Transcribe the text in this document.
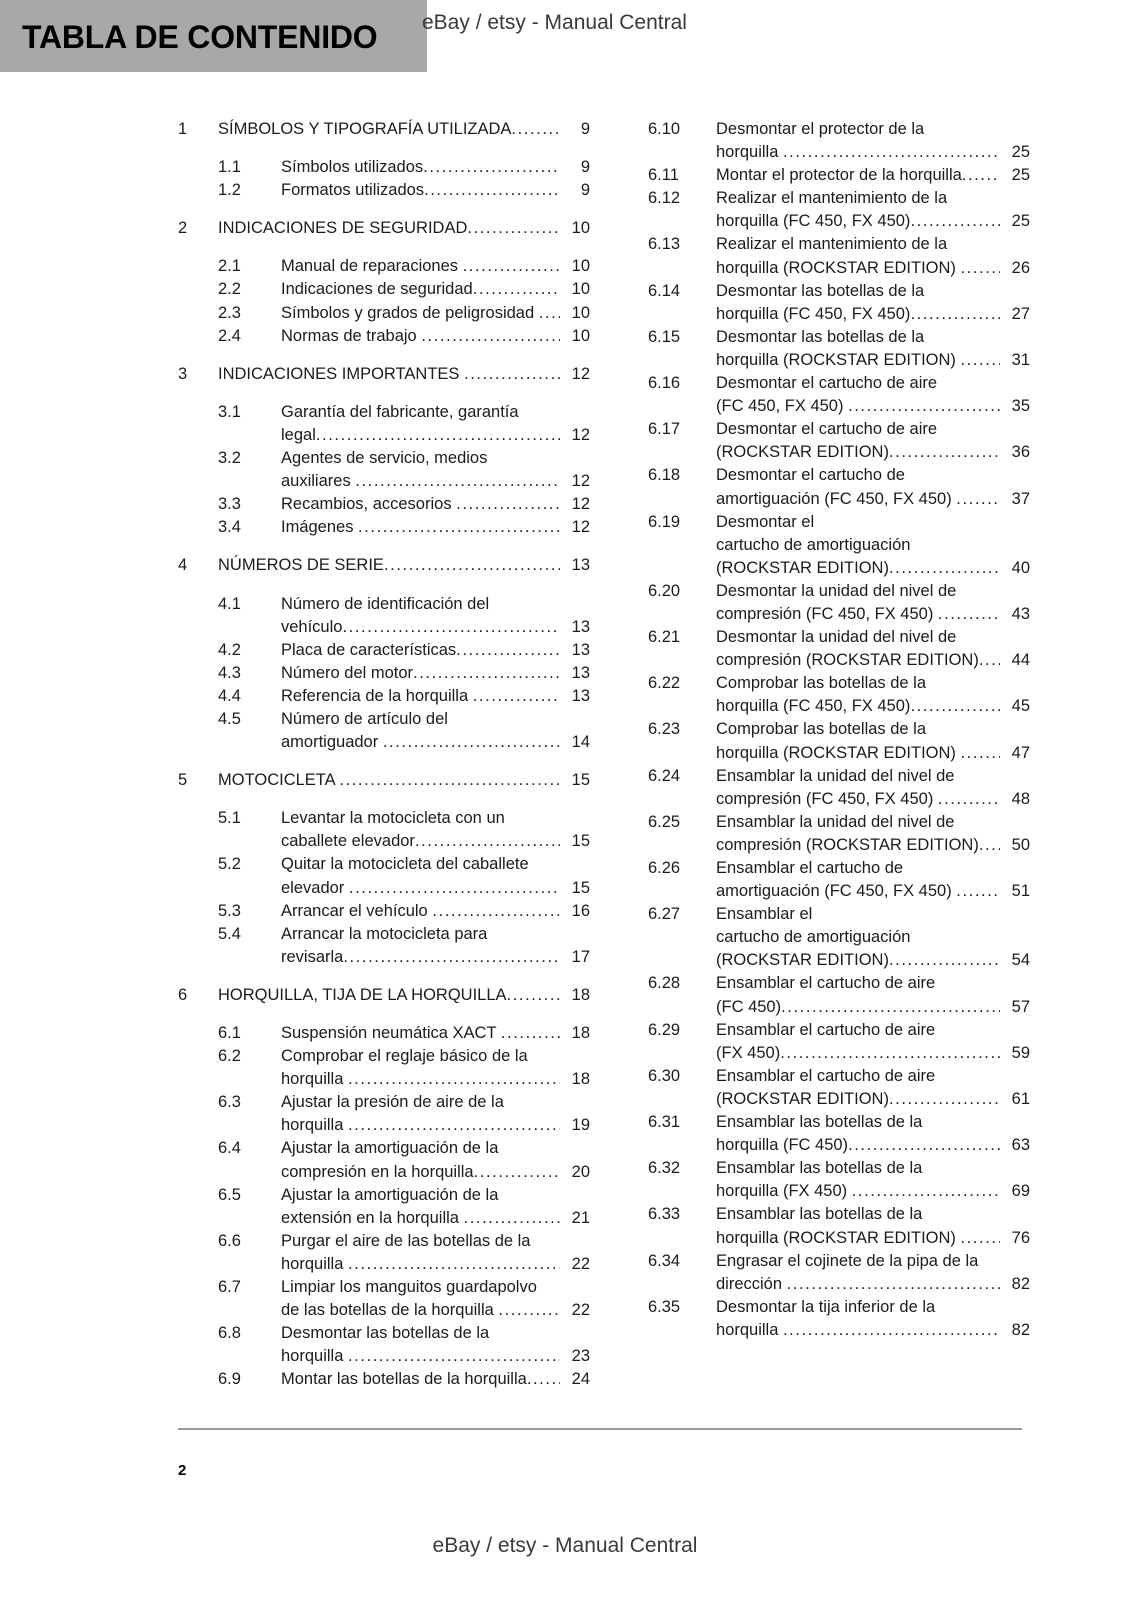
TABLA DE CONTENIDO eBay / etsy - Manual Central
1	SÍMBOLOS Y TIPOGRAFÍA UTILIZADA .....	9
1.1	Símbolos utilizados .....	9
1.2	Formatos utilizados .....	9
2	INDICACIONES DE SEGURIDAD .....	10
2.1	Manual de reparaciones .....	10
2.2	Indicaciones de seguridad .....	10
2.3	Símbolos y grados de peligrosidad .....	10
2.4	Normas de trabajo .....	10
3	INDICACIONES IMPORTANTES .....	12
3.1	Garantía del fabricante, garantía
legal .....	12
3.2	Agentes de servicio, medios
auxiliares .....	12
3.3	Recambios, accesorios .....	12
3.4	Imágenes .....	12
4	NÚMEROS DE SERIE .....	13
4.1	Número de identificación del
vehículo .....	13
4.2	Placa de características .....	13
4.3	Número del motor .....	13
4.4	Referencia de la horquilla .....	13
4.5	Número de artículo del
amortiguador .....	14
5	MOTOCICLETA .....	15
5.1	Levantar la motocicleta con un
caballete elevador .....	15
5.2	Quitar la motocicleta del caballete
elevador .....	15
5.3	Arrancar el vehículo .....	16
5.4	Arrancar la motocicleta para
revisarla .....	17
6	HORQUILLA, TIJA DE LA HORQUILLA .....	18
6.1	Suspensión neumática XACT .....	18
6.2	Comprobar el reglaje básico de la
horquilla .....	18
6.3	Ajustar la presión de aire de la
horquilla .....	19
6.4	Ajustar la amortiguación de la
compresión en la horquilla .....	20
6.5	Ajustar la amortiguación de la
extensión en la horquilla .....	21
6.6	Purgar el aire de las botellas de la
horquilla .....	22
6.7	Limpiar los manguitos guardapolvo
de las botellas de la horquilla .....	22
6.8	Desmontar las botellas de la
horquilla .....	23
6.9	Montar las botellas de la horquilla .....	24
6.10	Desmontar el protector de la
horquilla .....	25
6.11	Montar el protector de la horquilla .....	25
6.12	Realizar el mantenimiento de la
horquilla (FC 450, FX 450) .....	25
6.13	Realizar el mantenimiento de la
horquilla (ROCKSTAR EDITION) .....	26
6.14	Desmontar las botellas de la
horquilla (FC 450, FX 450) .....	27
6.15	Desmontar las botellas de la
horquilla (ROCKSTAR EDITION) .....	31
6.16	Desmontar el cartucho de aire
(FC 450, FX 450) .....	35
6.17	Desmontar el cartucho de aire
(ROCKSTAR EDITION) .....	36
6.18	Desmontar el cartucho de
amortiguación (FC 450, FX 450) .....	37
6.19	Desmontar el
cartucho de amortiguación
(ROCKSTAR EDITION) .....	40
6.20	Desmontar la unidad del nivel de
compresión (FC 450, FX 450) .....	43
6.21	Desmontar la unidad del nivel de
compresión (ROCKSTAR EDITION) .....	44
6.22	Comprobar las botellas de la
horquilla (FC 450, FX 450) .....	45
6.23	Comprobar las botellas de la
horquilla (ROCKSTAR EDITION) .....	47
6.24	Ensamblar la unidad del nivel de
compresión (FC 450, FX 450) .....	48
6.25	Ensamblar la unidad del nivel de
compresión (ROCKSTAR EDITION) .....	50
6.26	Ensamblar el cartucho de
amortiguación (FC 450, FX 450) .....	51
6.27	Ensamblar el
cartucho de amortiguación
(ROCKSTAR EDITION) .....	54
6.28	Ensamblar el cartucho de aire
(FC 450) .....	57
6.29	Ensamblar el cartucho de aire
(FX 450) .....	59
6.30	Ensamblar el cartucho de aire
(ROCKSTAR EDITION) .....	61
6.31	Ensamblar las botellas de la
horquilla (FC 450) .....	63
6.32	Ensamblar las botellas de la
horquilla (FX 450) .....	69
6.33	Ensamblar las botellas de la
horquilla (ROCKSTAR EDITION) .....	76
6.34	Engrasar el cojinete de la pipa de la
dirección .....	82
6.35	Desmontar la tija inferior de la
horquilla .....	82
2
eBay / etsy - Manual Central
